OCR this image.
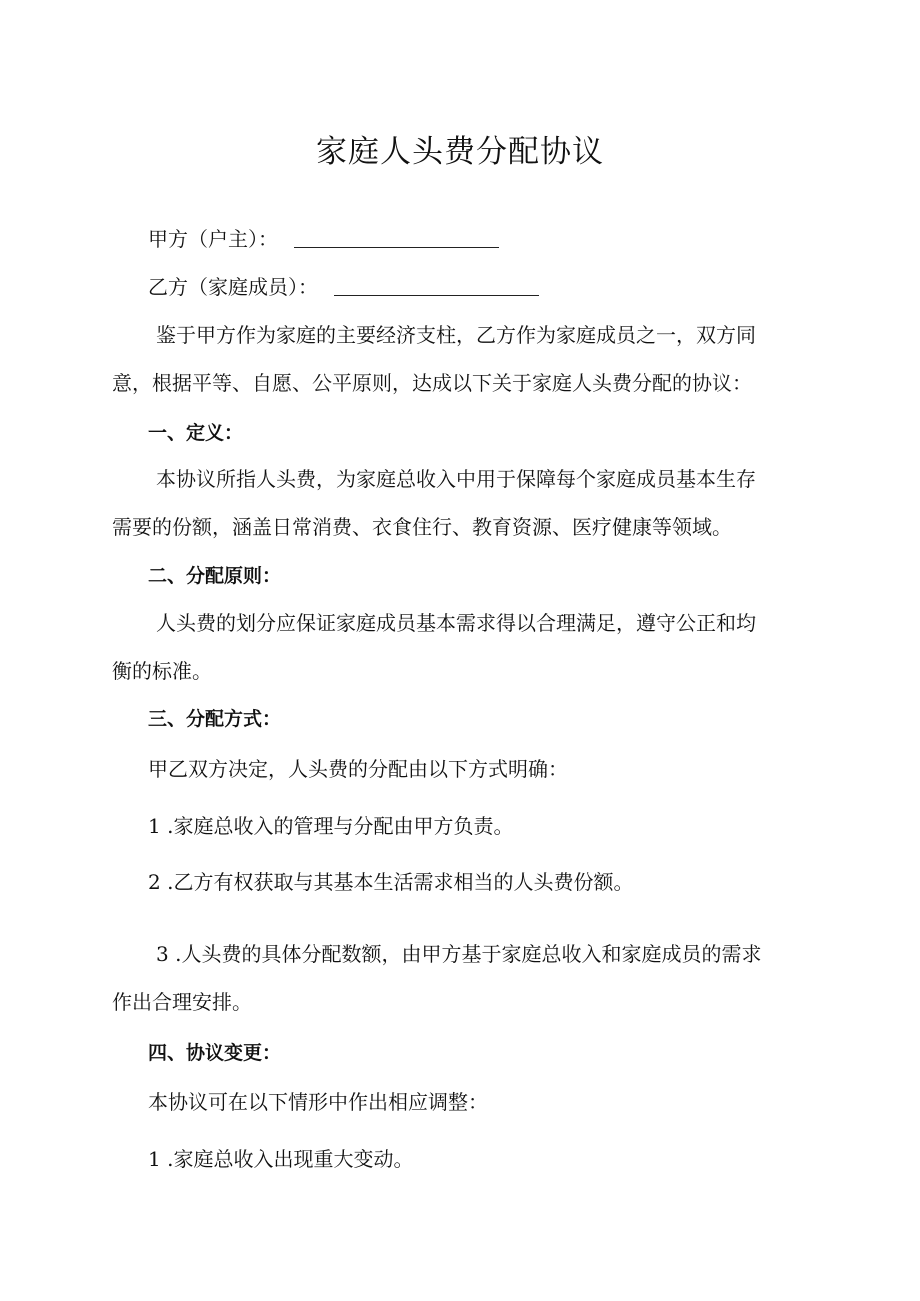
家庭人头费分配协议
甲方（户主）：
乙方（家庭成员）：
鉴于甲方作为家庭的主要经济支柱，乙方作为家庭成员之一，双方同
意，根据平等、自愿、公平原则，达成以下关于家庭人头费分配的协议：
一、定义：
本协议所指人头费，为家庭总收入中用于保障每个家庭成员基本生存
需要的份额，涵盖日常消费、衣食住行、教育资源、医疗健康等领域。
二、分配原则：
人头费的划分应保证家庭成员基本需求得以合理满足，遵守公正和均
衡的标准。
三、分配方式：
甲乙双方决定，人头费的分配由以下方式明确：
1 .家庭总收入的管理与分配由甲方负责。
2 .乙方有权获取与其基本生活需求相当的人头费份额。
3 .人头费的具体分配数额，由甲方基于家庭总收入和家庭成员的需求
作出合理安排。
四、协议变更：
本协议可在以下情形中作出相应调整：
1 .家庭总收入出现重大变动。
